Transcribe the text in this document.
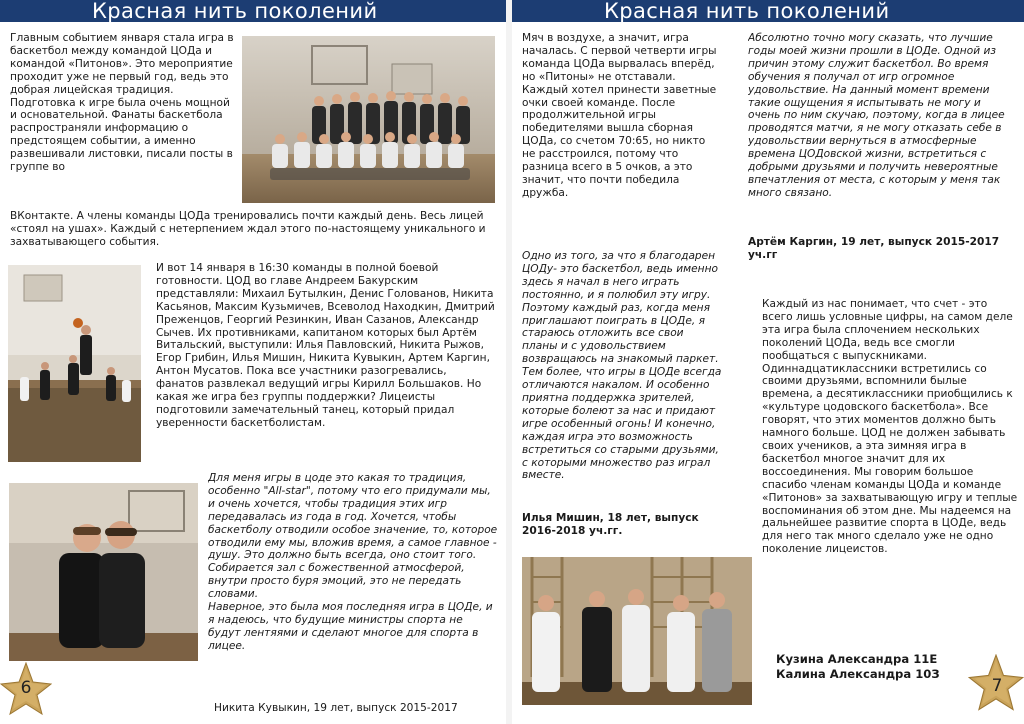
Красная нить поколений

Главным событием января стала игра в баскетбол между командой ЦОДа и командой «Питонов». Это мероприятие проходит уже не первый год, ведь это добрая лицейская традиция. Подготовка к игре была очень мощной и основательной. Фанаты баскетбола распространяли информацию о предстоящем событии, а именно развешивали листовки, писали посты в группе во

ВКонтакте. А члены команды ЦОДа тренировались почти каждый день. Весь лицей «стоял на ушах». Каждый с нетерпением ждал этого по-настоящему уникального и захватывающего события.

И вот 14 января в 16:30 команды в полной боевой готовности. ЦОД во главе Андреем Бакурским представляли: Михаил Бутылкин, Денис Голованов, Никита Касьянов, Максим Кузьмичев, Всеволод Находкин, Дмитрий Преженцов, Георгий Резинкин, Иван Сазанов, Александр Сычев. Их противниками, капитаном которых был Артём Витальский, выступили: Илья Павловский, Никита Рыжов, Егор Грибин, Илья Мишин, Никита Кувыкин, Артем Каргин, Антон Мусатов. Пока все участники разогревались, фанатов развлекал ведущий игры Кирилл Большаков. Но какая же игра без группы поддержки? Лицеисты подготовили замечательный танец, который придал уверенности баскетболистам.

Для меня игры в цоде это какая то традиция, особенно "All-star", потому что его придумали мы, и очень хочется, чтобы традиция этих игр передавалась из года в год. Хочется, чтобы баскетболу отводили особое значение, то, которое отводили ему мы, вложив время, а самое главное - душу. Это должно быть всегда, оно стоит того. Собирается зал с божественной атмосферой, внутри просто буря эмоций, это не передать словами.

Наверное, это была моя последняя игра в ЦОДе, и я надеюсь, что будущие министры спорта не будут лентяями и сделают многое для спорта в лицее.

Никита Кувыкин, 19 лет, выпуск 2015-2017
6
Красная нить поколений

Мяч в воздухе, а значит, игра началась. С первой четверти игры команда ЦОДа вырвалась вперёд, но «Питоны» не отставали. Каждый хотел принести заветные очки своей команде. После продолжительной игры победителями вышла сборная ЦОДа, со счетом 70:65, но никто не расстроился, потому что разница всего в 5 очков, а это значит, что почти победила дружба.

Одно из того, за что я благодарен ЦОДу- это баскетбол, ведь именно здесь я начал в него играть постоянно, и я полюбил эту игру. Поэтому каждый раз, когда меня приглашают поиграть в ЦОДе, я стараюсь отложить все свои планы и с удовольствием возвращаюсь на знакомый паркет. Тем более, что игры в ЦОДе всегда отличаются накалом. И особенно приятна поддержка зрителей, которые болеют за нас и придают игре особенный огонь! И конечно, каждая игра это возможность встретиться со старыми друзьями, с которыми множество раз играл вместе.

Илья Мишин, 18 лет, выпуск 2016-2018 уч.гг.

Абсолютно точно могу сказать, что лучшие годы моей жизни прошли в ЦОДе. Одной из причин этому служит баскетбол. Во время обучения я получал от игр огромное удовольствие. На данный момент времени такие ощущения я испытывать не могу и очень по ним скучаю, поэтому, когда в лицее проводятся матчи, я не могу отказать себе в удовольствии вернуться в атмосферные времена ЦОДовской жизни, встретиться с добрыми друзьями и получить невероятные впечатления от места, с которым у меня так много связано.

Артём Каргин, 19 лет, выпуск 2015-2017 уч.гг

Каждый из нас понимает, что счет - это всего лишь условные цифры, на самом деле эта игра была сплочением нескольких поколений ЦОДа, ведь все смогли пообщаться с выпускниками. Одиннадцатиклассники встретились со своими друзьями, вспомнили былые времена, а десятиклассники приобщились к «культуре цодовского баскетбола». Все говорят, что этих моментов должно быть намного больше. ЦОД не должен забывать своих учеников, а эта зимняя игра в баскетбол многое значит для их воссоединения. Мы говорим большое спасибо членам команды ЦОДа и команде «Питонов» за захватывающую игру и теплые воспоминания об этом дне. Мы надеемся на дальнейшее развитие спорта в ЦОДе, ведь для него так много сделало уже не одно поколение лицеистов.

Кузина Александра 11Е
Калина Александра 10З
7
